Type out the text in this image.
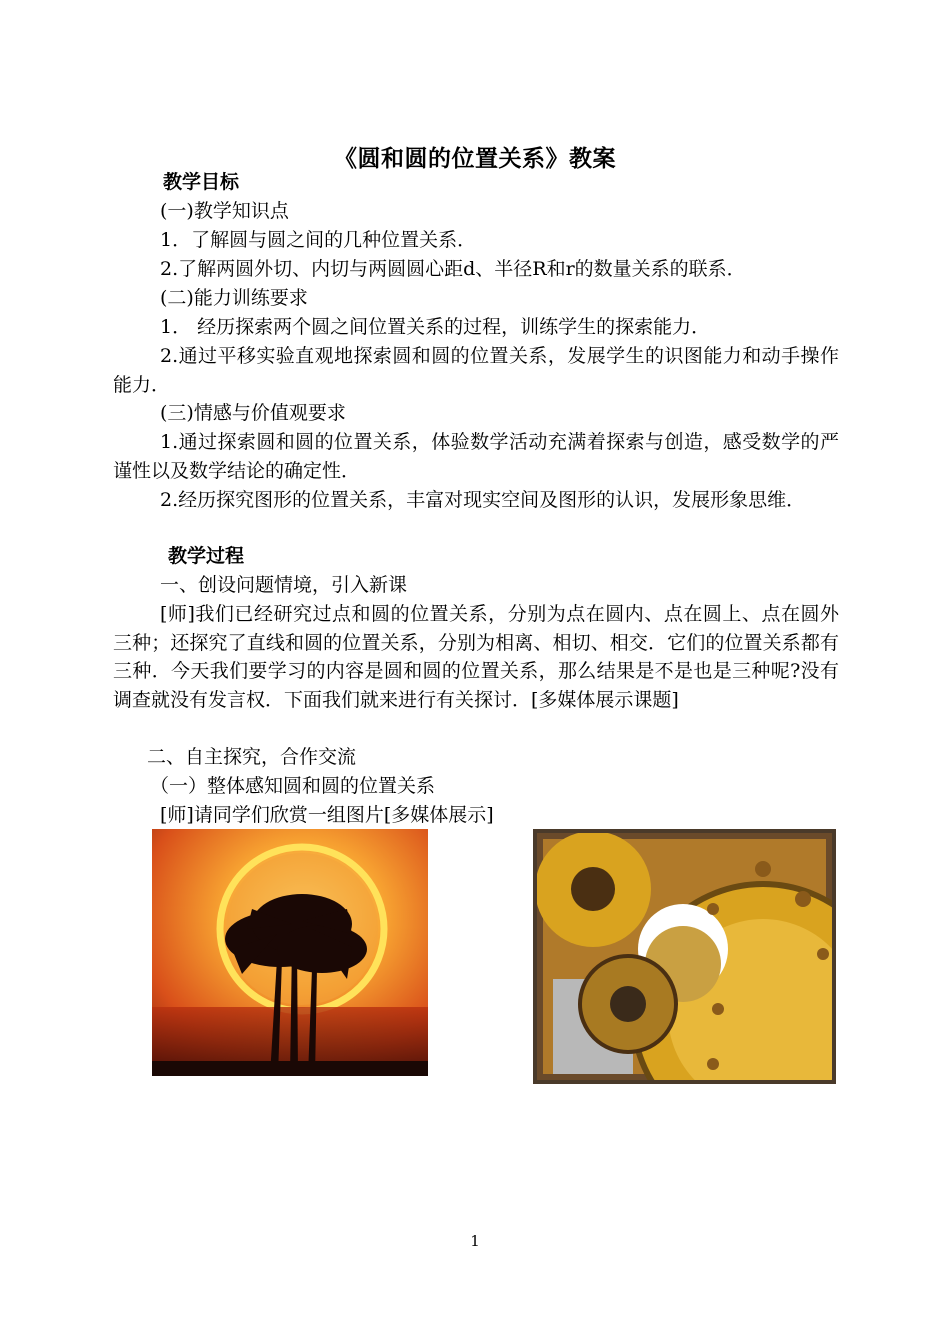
《圆和圆的位置关系》教案
教学目标
(一)教学知识点
1．了解圆与圆之间的几种位置关系．
2.了解两圆外切、内切与两圆圆心距d、半径R和r的数量关系的联系．
(二)能力训练要求
1． 经历探索两个圆之间位置关系的过程，训练学生的探索能力．
2.通过平移实验直观地探索圆和圆的位置关系，发展学生的识图能力和动手操作能力．
(三)情感与价值观要求
1.通过探索圆和圆的位置关系，体验数学活动充满着探索与创造，感受数学的严谨性以及数学结论的确定性．
2.经历探究图形的位置关系，丰富对现实空间及图形的认识，发展形象思维．
教学过程
一、创设问题情境，引入新课
[师]我们已经研究过点和圆的位置关系，分别为点在圆内、点在圆上、点在圆外三种；还探究了直线和圆的位置关系，分别为相离、相切、相交．它们的位置关系都有三种．今天我们要学习的内容是圆和圆的位置关系，那么结果是不是也是三种呢?没有调查就没有发言权．下面我们就来进行有关探讨．[多媒体展示课题]
二、自主探究，合作交流
（一）整体感知圆和圆的位置关系
[师]请同学们欣赏一组图片[多媒体展示]
1
